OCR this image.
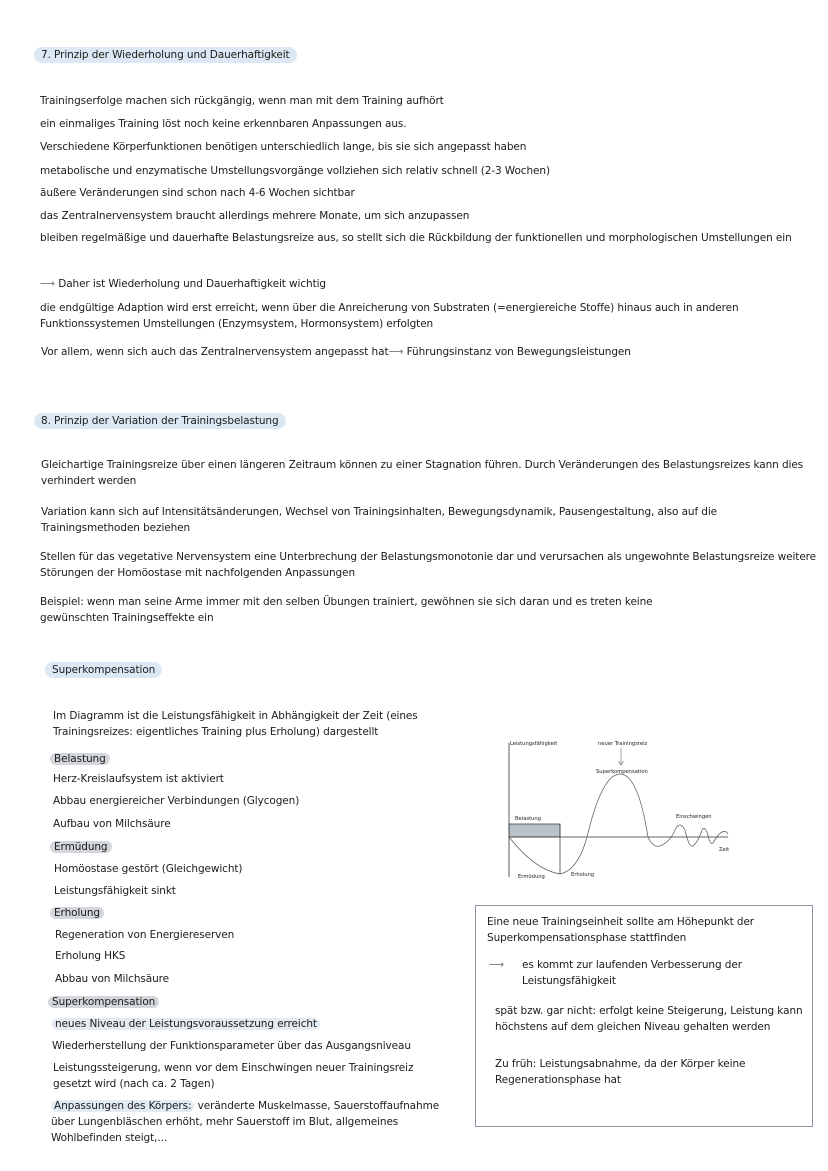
7. Prinzip der Wiederholung und Dauerhaftigkeit
Trainingserfolge machen sich rückgängig, wenn man mit dem Training aufhört
ein einmaliges Training löst noch keine erkennbaren Anpassungen aus.
Verschiedene Körperfunktionen benötigen unterschiedlich lange, bis sie sich angepasst haben
metabolische und enzymatische Umstellungsvorgänge vollziehen sich relativ schnell (2-3 Wochen)
äußere Veränderungen sind schon nach 4-6 Wochen sichtbar
das Zentralnervensystem braucht allerdings mehrere Monate, um sich anzupassen
bleiben regelmäßige und dauerhafte Belastungsreize aus, so stellt sich die Rückbildung der funktionellen und morphologischen Umstellungen ein
⟶ Daher ist Wiederholung und Dauerhaftigkeit wichtig
die endgültige Adaption wird erst erreicht, wenn über die Anreicherung von Substraten (=energiereiche Stoffe) hinaus auch in anderen Funktionssystemen Umstellungen (Enzymsystem, Hormonsystem) erfolgten
Vor allem, wenn sich auch das Zentralnervensystem angepasst hat⟶ Führungsinstanz von Bewegungsleistungen
8. Prinzip der Variation der Trainingsbelastung
Gleichartige Trainingsreize über einen längeren Zeitraum können zu einer Stagnation führen. Durch Veränderungen des Belastungsreizes kann dies verhindert werden
Variation kann sich auf Intensitätsänderungen, Wechsel von Trainingsinhalten, Bewegungsdynamik, Pausengestaltung, also auf die Trainingsmethoden beziehen
Stellen für das vegetative Nervensystem eine Unterbrechung der Belastungsmonotonie dar und verursachen als ungewohnte Belastungsreize weitere Störungen der Homöostase mit nachfolgenden Anpassungen
Beispiel: wenn man seine Arme immer mit den selben Übungen trainiert, gewöhnen sie sich daran und es treten keine gewünschten Trainingseffekte ein
Superkompensation
Im Diagramm ist die Leistungsfähigkeit in Abhängigkeit der Zeit (eines Trainingsreizes: eigentliches Training plus Erholung) dargestellt
Belastung
Herz-Kreislaufsystem ist aktiviert
Abbau energiereicher Verbindungen (Glycogen)
Aufbau von Milchsäure
Ermüdung
Homöostase gestört (Gleichgewicht)
Leistungsfähigkeit sinkt
Erholung
Regeneration von Energiereserven
Erholung HKS
Abbau von Milchsäure
Superkompensation
neues Niveau der Leistungsvoraussetzung erreicht
Wiederherstellung der Funktionsparameter über das Ausgangsniveau
Leistungssteigerung, wenn vor dem Einschwingen neuer Trainingsreiz gesetzt wird (nach ca. 2 Tagen)
Anpassungen des Körpers: veränderte Muskelmasse, Sauerstoffaufnahme über Lungenbläschen erhöht, mehr Sauerstoff im Blut, allgemeines Wohlbefinden steigt,...
Leistungsfähigkeit	neuer Trainingsreiz
Superkompensation
Belastung	Einschwingen
Zeit
Ermüdung	Erholung
Eine neue Trainingseinheit sollte am Höhepunkt der Superkompensationsphase stattfinden
⟶ es kommt zur laufenden Verbesserung der Leistungsfähigkeit
spät bzw. gar nicht: erfolgt keine Steigerung, Leistung kann höchstens auf dem gleichen Niveau gehalten werden
Zu früh: Leistungsabnahme, da der Körper keine Regenerationsphase hat
